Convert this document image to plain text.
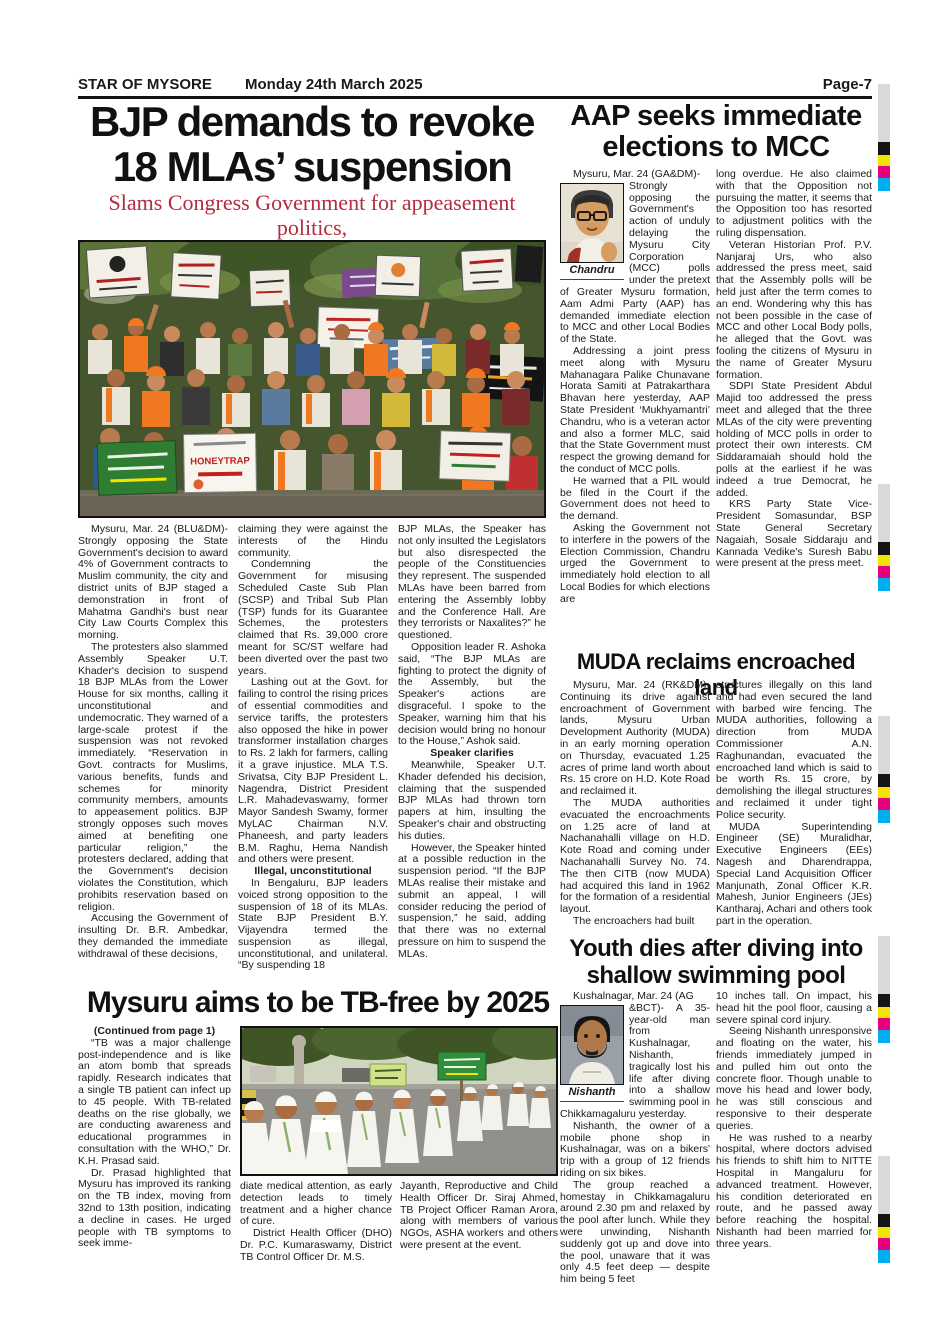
STAR OF MYSORE Monday 24th March 2025	Page-7
BJP demands to revoke
18 MLAs’ suspension
Slams Congress Government for appeasement politics,
HONEYTRAP

Mysuru, Mar. 24 (BLU&DM)- Strongly opposing the State Government's decision to award 4% of Government contracts to Muslim community, the city and district units of BJP staged a demonstration in front of Mahatma Gandhi's bust near City Law Courts Complex this morning.

The protesters also slammed Assembly Speaker U.T. Khader's decision to suspend 18 BJP MLAs from the Lower House for six months, calling it unconstitutional and undemocratic. They warned of a large-scale protest if the suspension was not revoked immediately. “Reservation in Govt. contracts for Muslims, various benefits, funds and schemes for minority community members, amounts to appeasement politics. BJP strongly opposes such moves aimed at benefiting one particular religion,” the protesters declared, adding that the Government's decision violates the Constitution, which prohibits reservation based on religion.

Accusing the Government of insulting Dr. B.R. Ambedkar, they demanded the immediate withdrawal of these decisions,

claiming they were against the interests of the Hindu community.

Condemning the Government for misusing Scheduled Caste Sub Plan (SCSP) and Tribal Sub Plan (TSP) funds for its Guarantee Schemes, the protesters claimed that Rs. 39,000 crore meant for SC/ST welfare had been diverted over the past two years.

Lashing out at the Govt. for failing to control the rising prices of essential commodities and service tariffs, the protesters also opposed the hike in power transformer installation charges to Rs. 2 lakh for farmers, calling it a grave injustice. MLA T.S. Srivatsa, City BJP President L. Nagendra, District President L.R. Mahadevaswamy, former Mayor Sandesh Swamy, former MyLAC Chairman N.V. Phaneesh, and party leaders B.M. Raghu, Hema Nandish and others were present.

Illegal, unconstitutional

In Bengaluru, BJP leaders voiced strong opposition to the suspension of 18 of its MLAs. State BJP President B.Y. Vijayendra termed the suspension as illegal, unconstitutional, and unilateral. “By suspending 18

BJP MLAs, the Speaker has not only insulted the Legislators but also disrespected the people of the Constituencies they represent. The suspended MLAs have been barred from entering the Assembly lobby and the Conference Hall. Are they terrorists or Naxalites?” he questioned.

Opposition leader R. Ashoka said, “The BJP MLAs are fighting to protect the dignity of the Assembly, but the Speaker's actions are disgraceful. I spoke to the Speaker, warning him that his decision would bring no honour to the House,” Ashok said.

Speaker clarifies

Meanwhile, Speaker U.T. Khader defended his decision, claiming that the suspended BJP MLAs had thrown torn papers at him, insulting the Speaker's chair and obstructing his duties.

However, the Speaker hinted at a possible reduction in the suspension period. “If the BJP MLAs realise their mistake and submit an appeal, I will consider reducing the period of suspension,” he said, adding that there was no external pressure on him to suspend the MLAs.

AAP seeks immediate
elections to MCC

Mysuru, Mar. 24 (GA&DM)-

Chandru

Strongly opposing the Government's action of unduly delaying the Mysuru City Corporation (MCC) polls under the pretext of Greater Mysuru formation, Aam Admi Party (AAP) has demanded immediate election to MCC and other Local Bodies of the State.

Addressing a joint press meet along with Mysuru Mahanagara Palike Chunavane Horata Samiti at Patrakarthara Bhavan here yesterday, AAP State President ‘Mukhyamantri’ Chandru, who is a veteran actor and also a former MLC, said that the State Government must respect the growing demand for the conduct of MCC polls.

He warned that a PIL would be filed in the Court if the Government does not heed to the demand.

Asking the Government not to interfere in the powers of the Election Commission, Chandru urged the Government to immediately hold election to all Local Bodies for which elections are

long overdue. He also claimed with that the Opposition not pursuing the matter, it seems that the Opposition too has resorted to adjustment politics with the ruling dispensation.

Veteran Historian Prof. P.V. Nanjaraj Urs, who also addressed the press meet, said that the Assembly polls will be held just after the term comes to an end. Wondering why this has not been possible in the case of MCC and other Local Body polls, he alleged that the Govt. was fooling the citizens of Mysuru in the name of Greater Mysuru formation.

SDPI State President Abdul Majid too addressed the press meet and alleged that the three MLAs of the city were preventing holding of MCC polls in order to protect their own interests. CM Siddaramaiah should hold the polls at the earliest if he was indeed a true Democrat, he added.

KRS Party State Vice-President Somasundar, BSP State General Secretary Nagaiah, Sosale Siddaraju and Kannada Vedike's Suresh Babu were present at the press meet.

MUDA reclaims encroached land

Mysuru, Mar. 24 (RK&DM)- Continuing its drive against encroachment of Government lands, Mysuru Urban Development Authority (MUDA) in an early morning operation on Thursday, evacuated 1.25 acres of prime land worth about Rs. 15 crore on H.D. Kote Road and reclaimed it.

The MUDA authorities evacuated the encroachments on 1.25 acre of land at Nachanahalli village on H.D. Kote Road and coming under Nachanahalli Survey No. 74. The then CITB (now MUDA) had acquired this land in 1962 for the formation of a residential layout.

The encroachers had built

structures illegally on this land and had even secured the land with barbed wire fencing. The MUDA authorities, following a direction from MUDA Commissioner A.N. Raghunandan, evacuated the encroached land which is said to be worth Rs. 15 crore, by demolishing the illegal structures and reclaimed it under tight Police security.

MUDA Superintending Engineer (SE) Muralidhar, Executive Engineers (EEs) Nagesh and Dharendrappa, Special Land Acquisition Officer Manjunath, Zonal Officer K.R. Mahesh, Junior Engineers (JEs) Kantharaj, Achari and others took part in the operation.

Youth dies after diving into
shallow swimming pool

Kushalnagar, Mar. 24 (AG

Nishanth

&BCT)- A 35-year-old man from Kushalnagar, Nishanth, tragically lost his life after diving into a shallow swimming pool in Chikkamagaluru yesterday.

Nishanth, the owner of a mobile phone shop in Kushalnagar, was on a bikers' trip with a group of 12 friends riding on six bikes.

The group reached a homestay in Chikkamagaluru around 2.30 pm and relaxed by the pool after lunch. While they were unwinding, Nishanth suddenly got up and dove into the pool, unaware that it was only 4.5 feet deep — despite him being 5 feet

10 inches tall. On impact, his head hit the pool floor, causing a severe spinal cord injury.

Seeing Nishanth unresponsive and floating on the water, his friends immediately jumped in and pulled him out onto the concrete floor. Though unable to move his head and lower body, he was still conscious and responsive to their desperate queries.

He was rushed to a nearby hospital, where doctors advised his friends to shift him to NITTE Hospital in Mangaluru for advanced treatment. However, his condition deteriorated en route, and he passed away before reaching the hospital. Nishanth had been married for three years.

Mysuru aims to be TB-free by 2025

(Continued from page 1)

“TB was a major challenge post-independence and is like an atom bomb that spreads rapidly. Research indicates that a single TB patient can infect up to 45 people. With TB-related deaths on the rise globally, we are conducting awareness and educational programmes in consultation with the WHO,” Dr. K.H. Prasad said.

Dr. Prasad highlighted that Mysuru has improved its ranking on the TB index, moving from 32nd to 13th position, indicating a decline in cases. He urged people with TB symptoms to seek imme-

diate medical attention, as early detection leads to timely treatment and a higher chance of cure.

District Health Officer (DHO) Dr. P.C. Kumaraswamy, District TB Control Officer Dr. M.S.

Jayanth, Reproductive and Child Health Officer Dr. Siraj Ahmed, TB Project Officer Raman Arora, along with members of various NGOs, ASHA workers and others were present at the event.
